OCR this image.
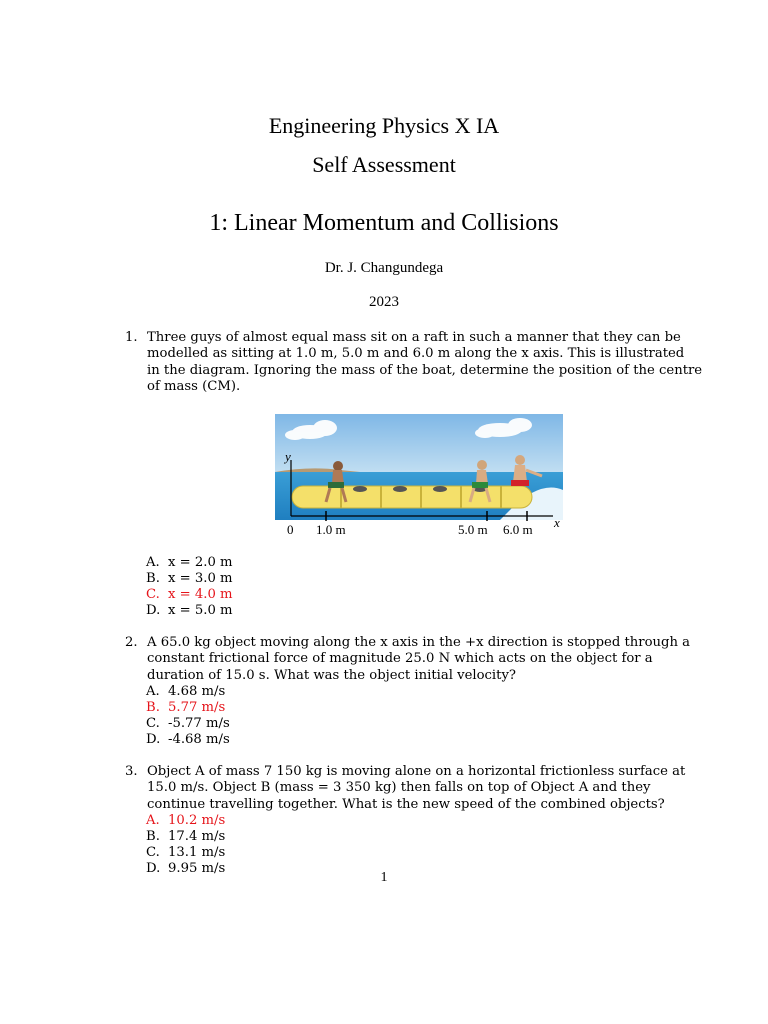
Engineering Physics X IA
Self Assessment
1: Linear Momentum and Collisions
Dr. J. Changundega
2023
1. Three guys of almost equal mass sit on a raft in such a manner that they can be
modelled as sitting at 1.0 m, 5.0 m and 6.0 m along the x axis. This is illustrated
in the diagram. Ignoring the mass of the boat, determine the position of the centre
of mass (CM).
y
x
0 1.0 m	5.0 m 6.0 m
A. x = 2.0 m
B. x = 3.0 m
C. x = 4.0 m
D. x = 5.0 m
2. A 65.0 kg object moving along the x axis in the +x direction is stopped through a
constant frictional force of magnitude 25.0 N which acts on the object for a
duration of 15.0 s. What was the object initial velocity?
A. 4.68 m/s
B. 5.77 m/s
C. -5.77 m/s
D. -4.68 m/s
3. Object A of mass 7 150 kg is moving alone on a horizontal frictionless surface at
15.0 m/s. Object B (mass = 3 350 kg) then falls on top of Object A and they
continue travelling together. What is the new speed of the combined objects?
A. 10.2 m/s
B. 17.4 m/s
C. 13.1 m/s
D. 9.95 m/s
1
